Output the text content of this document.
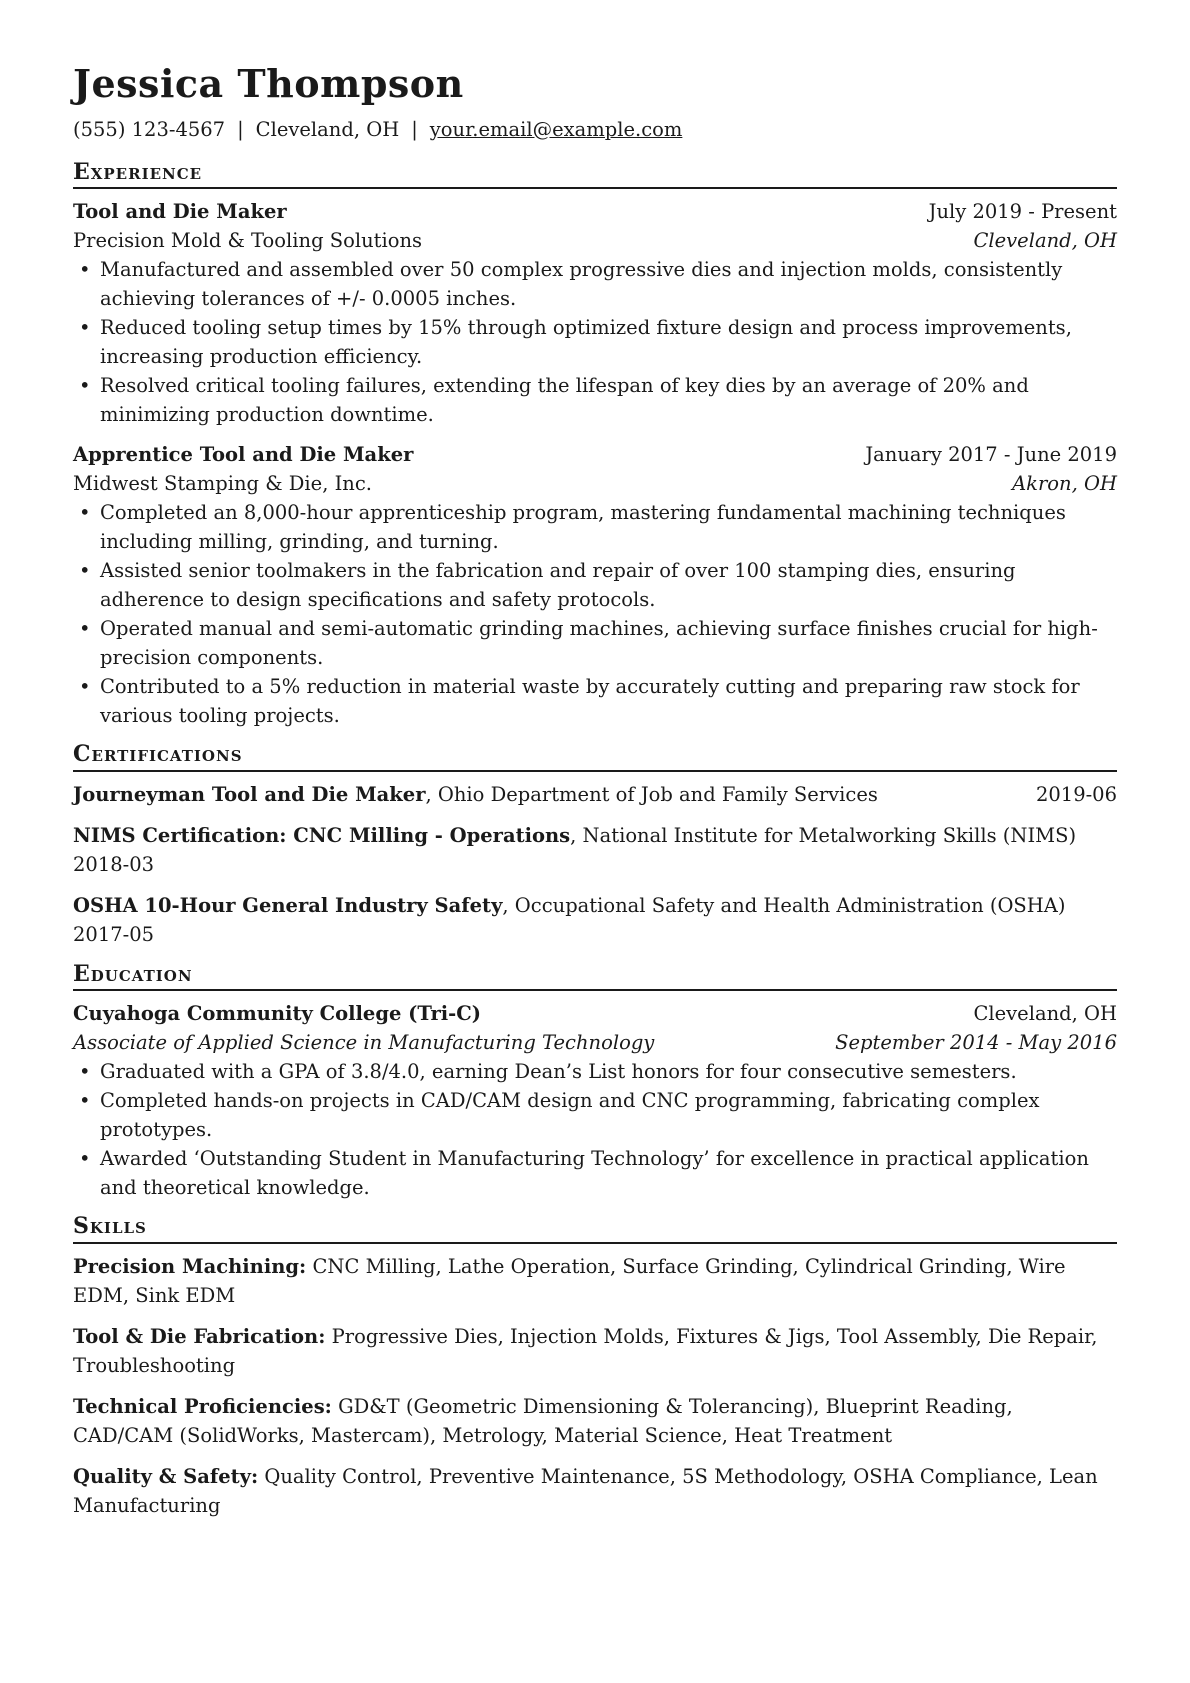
Jessica Thompson
(555) 123-4567 | Cleveland, OH | your.email@example.com
Experience
Tool and Die Maker	July 2019 - Present
Precision Mold & Tooling Solutions	Cleveland, OH
• Manufactured and assembled over 50 complex progressive dies and injection molds, consistently achieving tolerances of +/- 0.0005 inches.
• Reduced tooling setup times by 15% through optimized fixture design and process improvements, increasing production efficiency.
• Resolved critical tooling failures, extending the lifespan of key dies by an average of 20% and minimizing production downtime.
Apprentice Tool and Die Maker	January 2017 - June 2019
Midwest Stamping & Die, Inc.	Akron, OH
• Completed an 8,000-hour apprenticeship program, mastering fundamental machining techniques including milling, grinding, and turning.
• Assisted senior toolmakers in the fabrication and repair of over 100 stamping dies, ensuring adherence to design specifications and safety protocols.
• Operated manual and semi-automatic grinding machines, achieving surface finishes crucial for high-precision components.
• Contributed to a 5% reduction in material waste by accurately cutting and preparing raw stock for various tooling projects.
Certifications
Journeyman Tool and Die Maker, Ohio Department of Job and Family Services	2019-06
NIMS Certification: CNC Milling - Operations, National Institute for Metalworking Skills (NIMS)
2018-03
OSHA 10-Hour General Industry Safety, Occupational Safety and Health Administration (OSHA)
2017-05
Education
Cuyahoga Community College (Tri-C)	Cleveland, OH
Associate of Applied Science in Manufacturing Technology	September 2014 - May 2016
• Graduated with a GPA of 3.8/4.0, earning Dean’s List honors for four consecutive semesters.
• Completed hands-on projects in CAD/CAM design and CNC programming, fabricating complex prototypes.
• Awarded ‘Outstanding Student in Manufacturing Technology’ for excellence in practical application and theoretical knowledge.
Skills
Precision Machining: CNC Milling, Lathe Operation, Surface Grinding, Cylindrical Grinding, Wire EDM, Sink EDM
Tool & Die Fabrication: Progressive Dies, Injection Molds, Fixtures & Jigs, Tool Assembly, Die Repair, Troubleshooting
Technical Proficiencies: GD&T (Geometric Dimensioning & Tolerancing), Blueprint Reading, CAD/CAM (SolidWorks, Mastercam), Metrology, Material Science, Heat Treatment
Quality & Safety: Quality Control, Preventive Maintenance, 5S Methodology, OSHA Compliance, Lean Manufacturing
